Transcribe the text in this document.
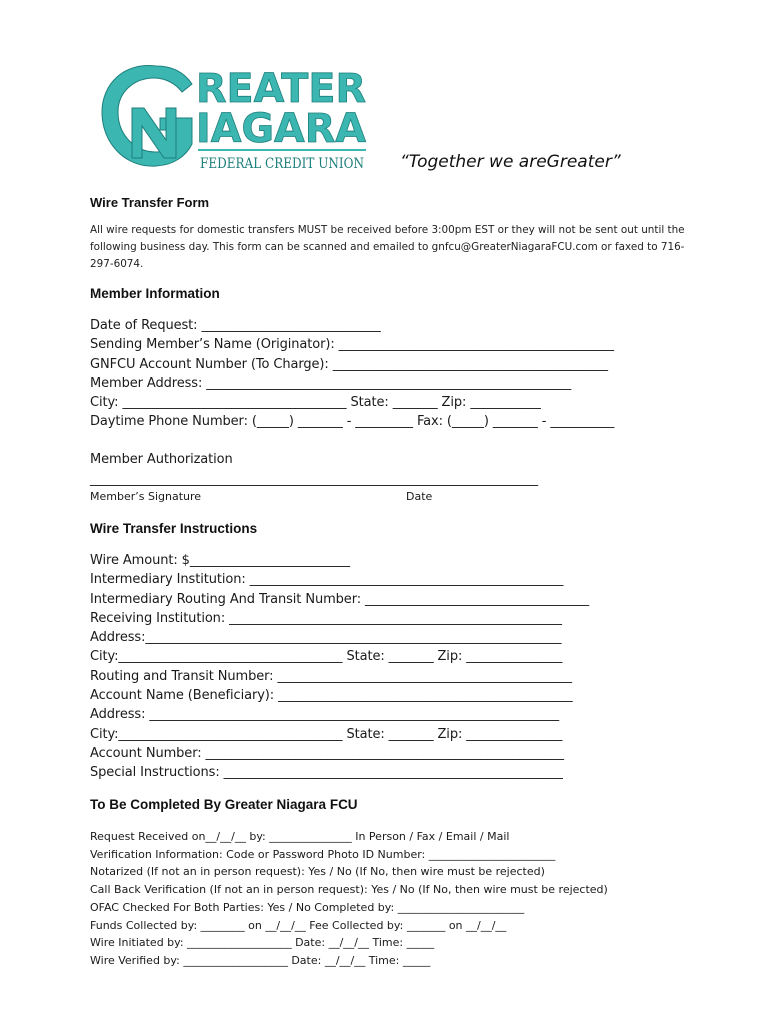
REATER
IAGARA
FEDERAL CREDIT UNION “Together we areGreater”
Wire Transfer Form
All wire requests for domestic transfers MUST be received before 3:00pm EST or they will not be sent out until the following business day. This form can be scanned and emailed to gnfcu@GreaterNiagaraFCU.com or faxed to 716-297-6074.
Member Information
Date of Request: ____________________________
Sending Member’s Name (Originator): ___________________________________________
GNFCU Account Number (To Charge): ___________________________________________
Member Address: _________________________________________________________
City: ___________________________________ State: _______ Zip: ___________
Daytime Phone Number: (_____) _______ - _________ Fax: (_____) _______ - __________
Member Authorization
______________________________________________________________________
Member’s Signature	Date
Wire Transfer Instructions
Wire Amount: $_________________________
Intermediary Institution: _________________________________________________
Intermediary Routing And Transit Number: ___________________________________
Receiving Institution: ____________________________________________________
Address:_________________________________________________________________
City:___________________________________ State: _______ Zip: _______________
Routing and Transit Number: ______________________________________________
Account Name (Beneficiary): ______________________________________________
Address: ________________________________________________________________
City:___________________________________ State: _______ Zip: _______________
Account Number: ________________________________________________________
Special Instructions: _____________________________________________________
To Be Completed By Greater Niagara FCU
Request Received on__/__/__ by: _______________ In Person / Fax / Email / Mail
Verification Information: Code or Password Photo ID Number: _______________________
Notarized (If not an in person request): Yes / No (If No, then wire must be rejected)
Call Back Verification (If not an in person request): Yes / No (If No, then wire must be rejected)
OFAC Checked For Both Parties: Yes / No Completed by: _______________________
Funds Collected by: ________ on __/__/__ Fee Collected by: _______ on __/__/__
Wire Initiated by: ___________________ Date: __/__/__ Time: _____
Wire Verified by: ___________________ Date: __/__/__ Time: _____
